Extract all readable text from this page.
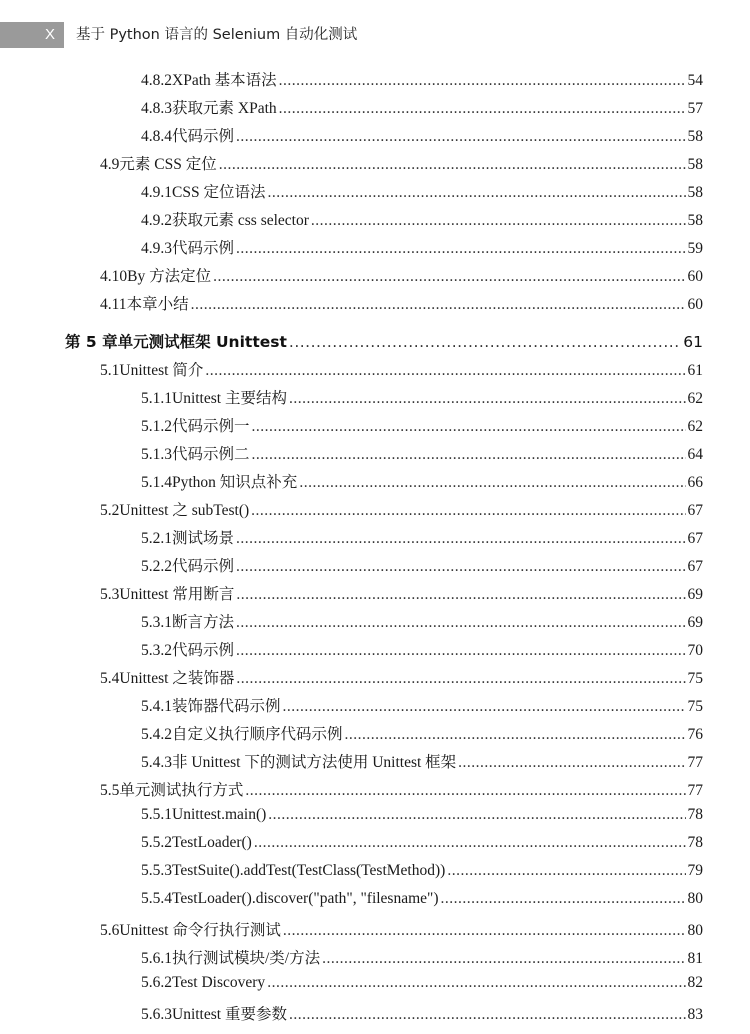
X	基于 Python 语言的 Selenium 自动化测试
4.8.2 XPath 基本语法 .....	54
4.8.3 获取元素 XPath .....	57
4.8.4 代码示例 .....	58
4.9 元素 CSS 定位 .....	58
4.9.1 CSS 定位语法 .....	58
4.9.2 获取元素 css selector .....	58
4.9.3 代码示例 .....	59
4.10 By 方法定位 .....	60
4.11 本章小结 .....	60
第 5 章 单元测试框架 Unittest .....	61
5.1 Unittest 简介 .....	61
5.1.1 Unittest 主要结构 .....	62
5.1.2 代码示例一 .....	62
5.1.3 代码示例二 .....	64
5.1.4 Python 知识点补充 .....	66
5.2 Unittest 之 subTest() .....	67
5.2.1 测试场景 .....	67
5.2.2 代码示例 .....	67
5.3 Unittest 常用断言 .....	69
5.3.1 断言方法 .....	69
5.3.2 代码示例 .....	70
5.4 Unittest 之装饰器 .....	75
5.4.1 装饰器代码示例 .....	75
5.4.2 自定义执行顺序代码示例 .....	76
5.4.3 非 Unittest 下的测试方法使用 Unittest 框架 .....	77
5.5 单元测试执行方式 .....	77
5.5.1 Unittest.main() .....	78
5.5.2 TestLoader() .....	78
5.5.3 TestSuite().addTest(TestClass(TestMethod)) .....	79
5.5.4 TestLoader().discover("path", "filesname") .....	80
5.6 Unittest 命令行执行测试 .....	80
5.6.1 执行测试模块/类/方法 .....	81
5.6.2 Test Discovery .....	82
5.6.3 Unittest 重要参数 .....	83
